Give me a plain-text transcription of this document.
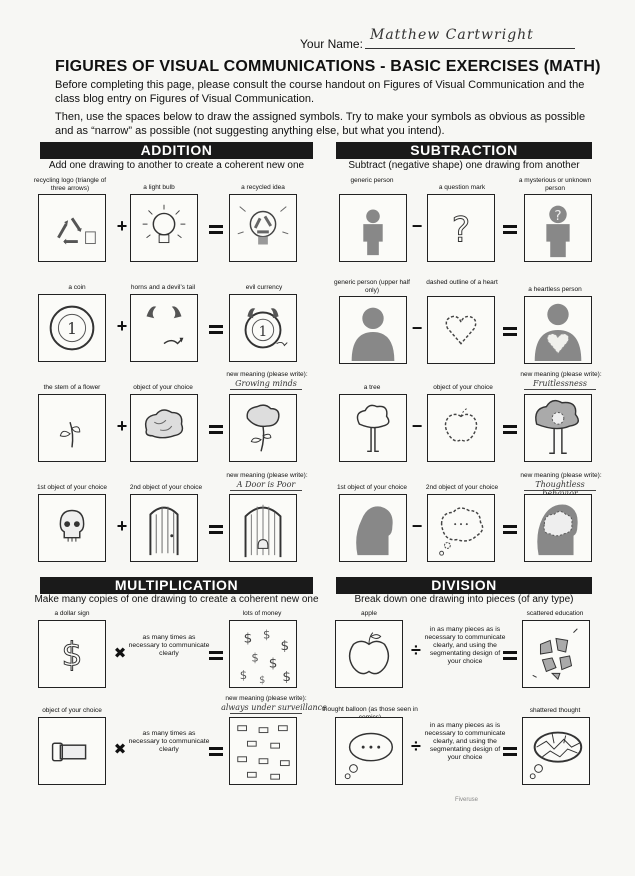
Your Name:
Matthew Cartwright
FIGURES OF VISUAL COMMUNICATIONS - BASIC EXERCISES (MATH)
Before completing this page, please consult the course handout on Figures of Visual Communication and the class blog entry on Figures of Visual Communication.
Then, use the spaces below to draw the assigned symbols. Try to make your symbols as obvious as possible and as “narrow” as possible (not suggesting anything else, but what you intend).
ADDITION
Add one drawing to another to create a coherent new one
recycling logo (triangle of three arrows)	a light bulb	a recycled idea
+
a coin	horns and a devil’s tail	evil currency
1 +	1
the stem of a flower	object of your choice
new meaning (please write):
Growing minds
+
1st object of your choice	2nd object of your choice
new meaning (please write):
A Door is Poor
+
SUBTRACTION
Subtract (negative shape) one drawing from another
generic person
a question mark
a mysterious or unknown person
− ?	?
generic person (upper half only)
dashed outline of a heart
a heartless person
−
a tree	object of your choice
new meaning (please write):
Fruitlessness
−
1st object of your choice	2nd object of your choice
new meaning (please write):
Thoughtless
−
MULTIPLICATION
Make many copies of one drawing to create a coherent new one
a dollar sign	lots of money
$ ✖
as many times as necessary to communicate clearly
$ $
$
$ $
$	$
$
object of your choice
new meaning (please write):
always under surveillance
✖
as many times as necessary to communicate clearly
DIVISION
Break down one drawing into pieces (of any type)
apple	scattered education
÷
in as many pieces as is necessary to communicate clearly, and using the segmentating design of your choice
thought balloon (as those seen in	shattered thought
÷
in as many pieces as is necessary to communicate clearly, and using the segmentating design of your choice
Fiveruse
